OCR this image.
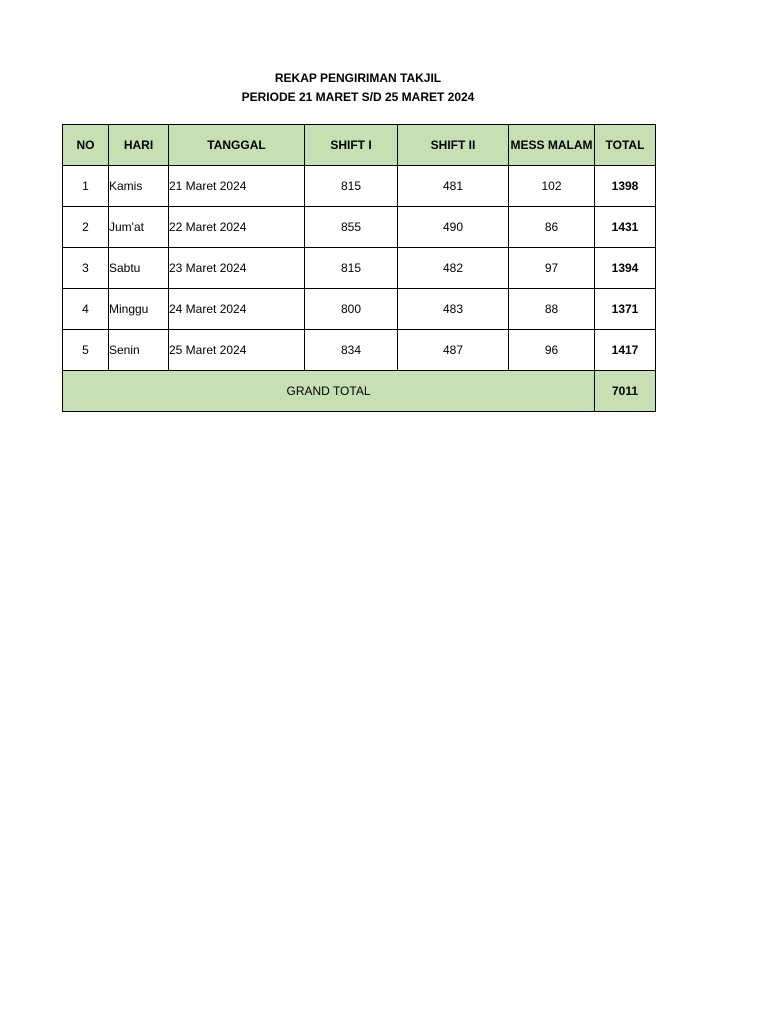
REKAP PENGIRIMAN TAKJIL
PERIODE 21 MARET S/D 25 MARET 2024
NO	HARI	TANGGAL	SHIFT I	SHIFT II	MESS MALAM	TOTAL
1	Kamis	21 Maret 2024	815	481	102	1398
2	Jum'at	22 Maret 2024	855	490	86	1431
3	Sabtu	23 Maret 2024	815	482	97	1394
4	Minggu	24 Maret 2024	800	483	88	1371
5	Senin	25 Maret 2024	834	487	96	1417
GRAND TOTAL						7011
